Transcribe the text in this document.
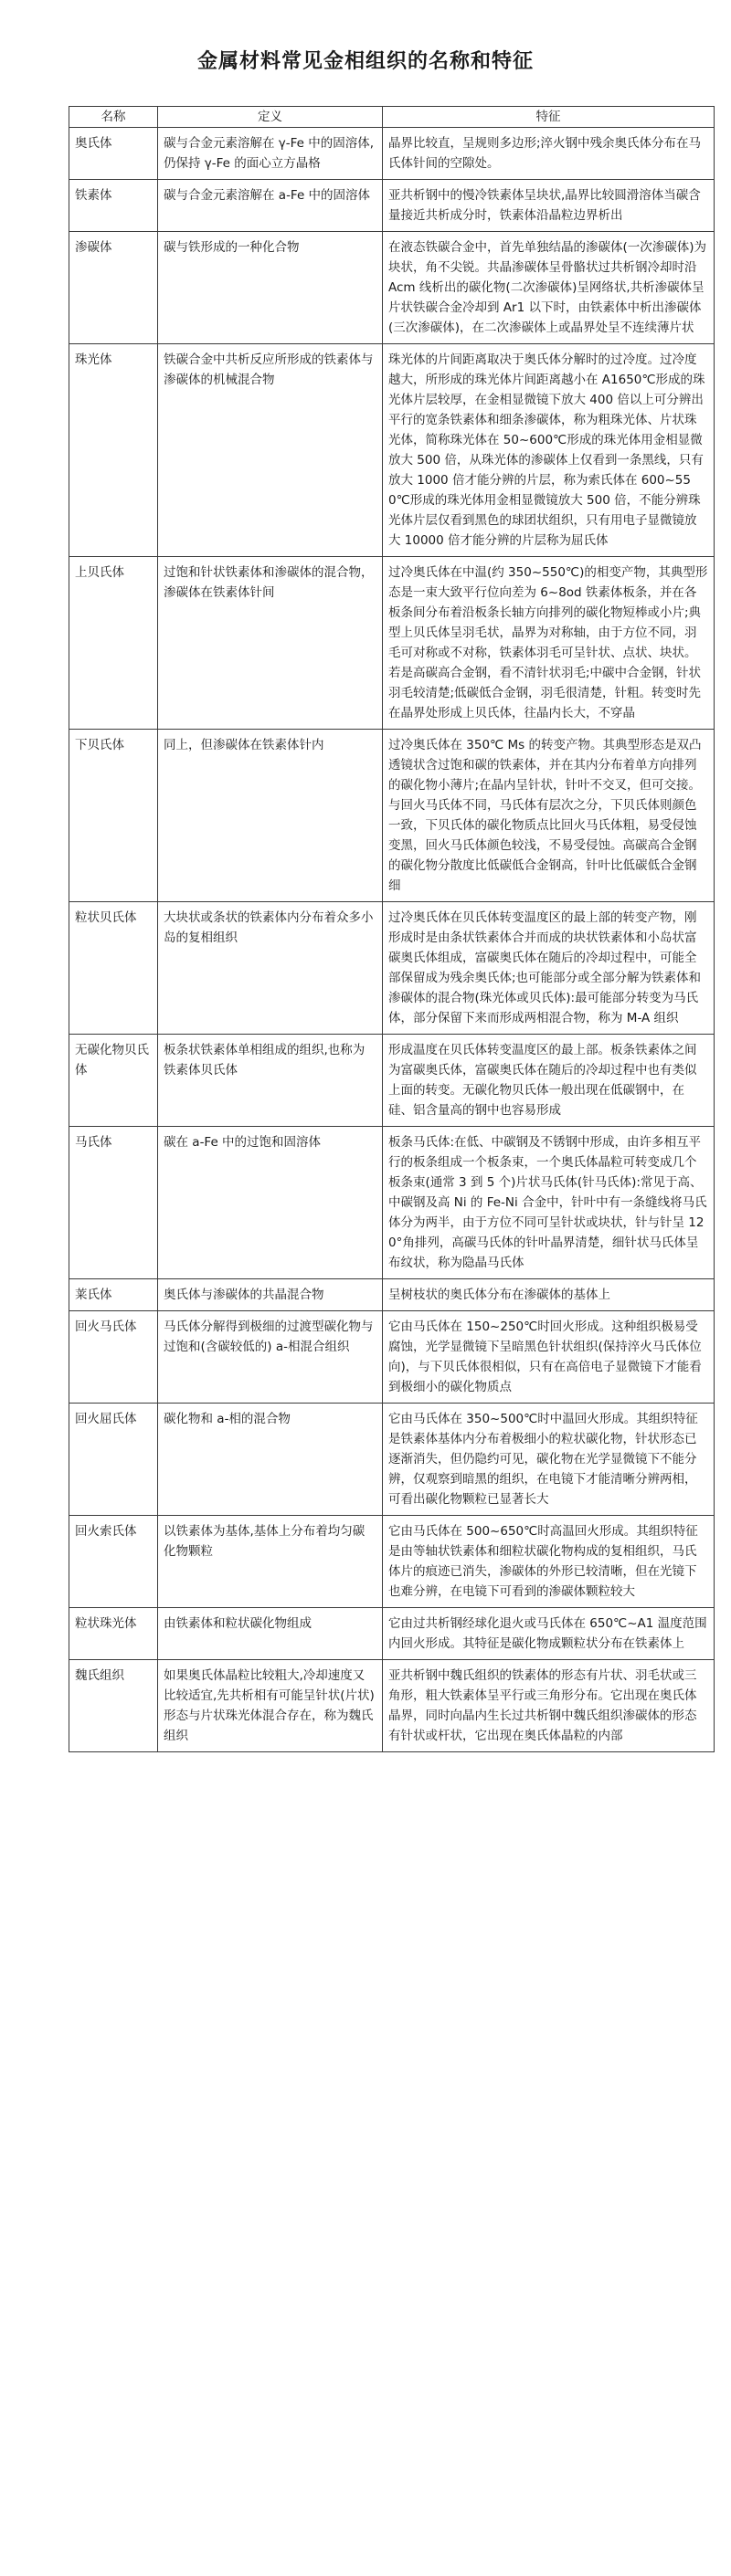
金属材料常见金相组织的名称和特征
名称	定义	特征
奥氏体	碳与合金元素溶解在 γ-Fe 中的固溶体,仍保持 γ-Fe 的面心立方晶格	晶界比较直，呈规则多边形;淬火钢中残余奥氏体分布在马氏体针间的空隙处。
铁素体	碳与合金元素溶解在 a-Fe 中的固溶体	亚共析钢中的慢冷铁素体呈块状,晶界比较圆滑溶体当碳含量接近共析成分时，铁素体沿晶粒边界析出
渗碳体	碳与铁形成的一种化合物	在液态铁碳合金中，首先单独结晶的渗碳体(一次渗碳体)为块状，角不尖锐。共晶渗碳体呈骨骼状过共析钢冷却时沿 Acm 线析出的碳化物(二次渗碳体)呈网络状,共析渗碳体呈片状铁碳合金冷却到 Ar1 以下时，由铁素体中析出渗碳体(三次渗碳体)，在二次渗碳体上或晶界处呈不连续薄片状
珠光体	铁碳合金中共析反应所形成的铁素体与渗碳体的机械混合物	珠光体的片间距离取决于奥氏体分解时的过冷度。过冷度越大，所形成的珠光体片间距离越小在 A1650℃形成的珠光体片层较厚，在金相显微镜下放大 400 倍以上可分辨出平行的宽条铁素体和细条渗碳体，称为粗珠光体、片状珠光体，简称珠光体在 50~600℃形成的珠光体用金相显微放大 500 倍，从珠光体的渗碳体上仅看到一条黑线，只有放大 1000 倍才能分辨的片层，称为索氏体在 600~550℃形成的珠光体用金相显微镜放大 500 倍，不能分辨珠光体片层仅看到黑色的球团状组织，只有用电子显微镜放大 10000 倍才能分辨的片层称为屈氏体
上贝氏体	过饱和针状铁素体和渗碳体的混合物，渗碳体在铁素体针间	过冷奥氏体在中温(约 350~550℃)的相变产物，其典型形态是一束大致平行位向差为 6~8od 铁素体板条，并在各板条间分布着沿板条长轴方向排列的碳化物短棒或小片;典型上贝氏体呈羽毛状，晶界为对称轴，由于方位不同，羽毛可对称或不对称，铁素体羽毛可呈针状、点状、块状。若是高碳高合金钢，看不清针状羽毛;中碳中合金钢，针状羽毛较清楚;低碳低合金钢，羽毛很清楚，针粗。转变时先在晶界处形成上贝氏体，往晶内长大，不穿晶
下贝氏体	同上，但渗碳体在铁素体针内	过冷奥氏体在 350℃ Ms 的转变产物。其典型形态是双凸透镜状含过饱和碳的铁素体，并在其内分布着单方向排列的碳化物小薄片;在晶内呈针状，针叶不交叉，但可交接。与回火马氏体不同，马氏体有层次之分，下贝氏体则颜色一致，下贝氏体的碳化物质点比回火马氏体粗，易受侵蚀变黑，回火马氏体颜色较浅，不易受侵蚀。高碳高合金钢的碳化物分散度比低碳低合金钢高，针叶比低碳低合金钢细
粒状贝氏体	大块状或条状的铁素体内分布着众多小岛的复相组织	过冷奥氏体在贝氏体转变温度区的最上部的转变产物，刚形成时是由条状铁素体合并而成的块状铁素体和小岛状富碳奥氏体组成，富碳奥氏体在随后的冷却过程中，可能全部保留成为残余奥氏体;也可能部分或全部分解为铁素体和渗碳体的混合物(珠光体或贝氏体):最可能部分转变为马氏体，部分保留下来而形成两相混合物，称为 M-A 组织
无碳化物贝氏体	板条状铁素体单相组成的组织,也称为铁素体贝氏体	形成温度在贝氏体转变温度区的最上部。板条铁素体之间为富碳奥氏体，富碳奥氏体在随后的冷却过程中也有类似上面的转变。无碳化物贝氏体一般出现在低碳钢中，在硅、铝含量高的钢中也容易形成
马氏体	碳在 a-Fe 中的过饱和固溶体	板条马氏体:在低、中碳钢及不锈钢中形成，由许多相互平行的板条组成一个板条束，一个奥氏体晶粒可转变成几个板条束(通常 3 到 5 个)片状马氏体(针马氏体):常见于高、中碳钢及高 Ni 的 Fe-Ni 合金中，针叶中有一条缝线将马氏体分为两半，由于方位不同可呈针状或块状，针与针呈 120°角排列，高碳马氏体的针叶晶界清楚，细针状马氏体呈布纹状，称为隐晶马氏体
莱氏体	奥氏体与渗碳体的共晶混合物	呈树枝状的奥氏体分布在渗碳体的基体上
回火马氏体	马氏体分解得到极细的过渡型碳化物与过饱和(含碳较低的) a-相混合组织	它由马氏体在 150~250℃时回火形成。这种组织极易受腐蚀，光学显微镜下呈暗黑色针状组织(保持淬火马氏体位向)，与下贝氏体很相似，只有在高倍电子显微镜下才能看到极细小的碳化物质点
回火屈氏体	碳化物和 a-相的混合物	它由马氏体在 350~500℃时中温回火形成。其组织特征是铁素体基体内分布着极细小的粒状碳化物，针状形态已逐渐消失，但仍隐约可见，碳化物在光学显微镜下不能分辨，仅观察到暗黑的组织，在电镜下才能清晰分辨两相，可看出碳化物颗粒已显著长大
回火索氏体	以铁素体为基体,基体上分布着均匀碳化物颗粒	它由马氏体在 500~650℃时高温回火形成。其组织特征是由等轴状铁素体和细粒状碳化物构成的复相组织，马氏体片的痕迹已消失，渗碳体的外形已较清晰，但在光镜下也难分辨，在电镜下可看到的渗碳体颗粒较大
粒状珠光体	由铁素体和粒状碳化物组成	它由过共析钢经球化退火或马氏体在 650℃~A1 温度范围内回火形成。其特征是碳化物成颗粒状分布在铁素体上
魏氏组织	如果奥氏体晶粒比较粗大,冷却速度又比较适宜,先共析相有可能呈针状(片状)形态与片状珠光体混合存在，称为魏氏组织	亚共析钢中魏氏组织的铁素体的形态有片状、羽毛状或三角形，粗大铁素体呈平行或三角形分布。它出现在奥氏体晶界，同时向晶内生长过共析钢中魏氏组织渗碳体的形态有针状或杆状，它出现在奥氏体晶粒的内部
